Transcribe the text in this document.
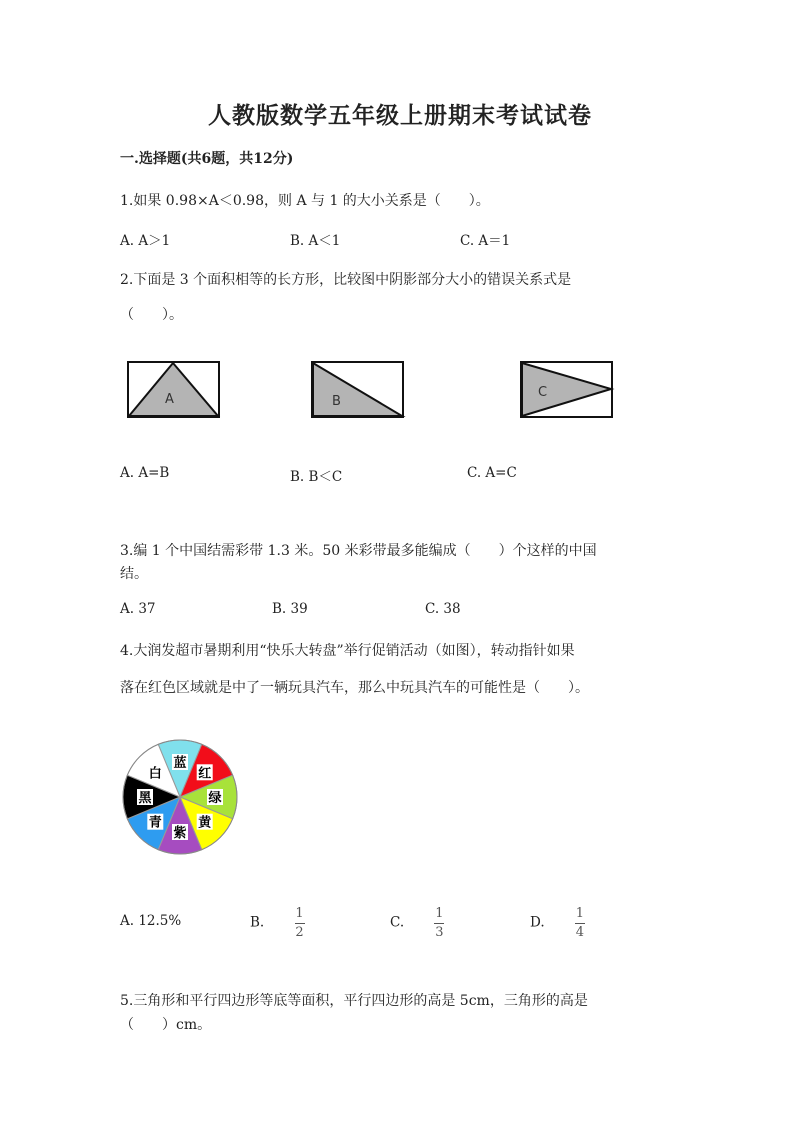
人教版数学五年级上册期末考试试卷
一.选择题(共6题，共12分)
1.如果 0.98×A＜0.98，则 A 与 1 的大小关系是（　　）。
A. A＞1	B. A＜1	C. A＝1
2.下面是 3 个面积相等的长方形，比较图中阴影部分大小的错误关系式是
（　　）。
A	B
C
A. A=B	B. B＜C	C. A=C
3.编 1 个中国结需彩带 1.3 米。50 米彩带最多能编成（　　）个这样的中国
结。
A. 37	B. 39	C. 38
4.大润发超市暑期利用“快乐大转盘”举行促销活动（如图），转动指针如果
落在红色区域就是中了一辆玩具汽车，那么中玩具汽车的可能性是（　　）。
蓝
红
绿
黄
紫
青
黑
白
A. 12.5%	B. $\frac{1}{2}$	C. $\frac{1}{3}$	D. $\frac{1}{4}$
5.三角形和平行四边形等底等面积，平行四边形的高是 5cm，三角形的高是
（　　）cm。
